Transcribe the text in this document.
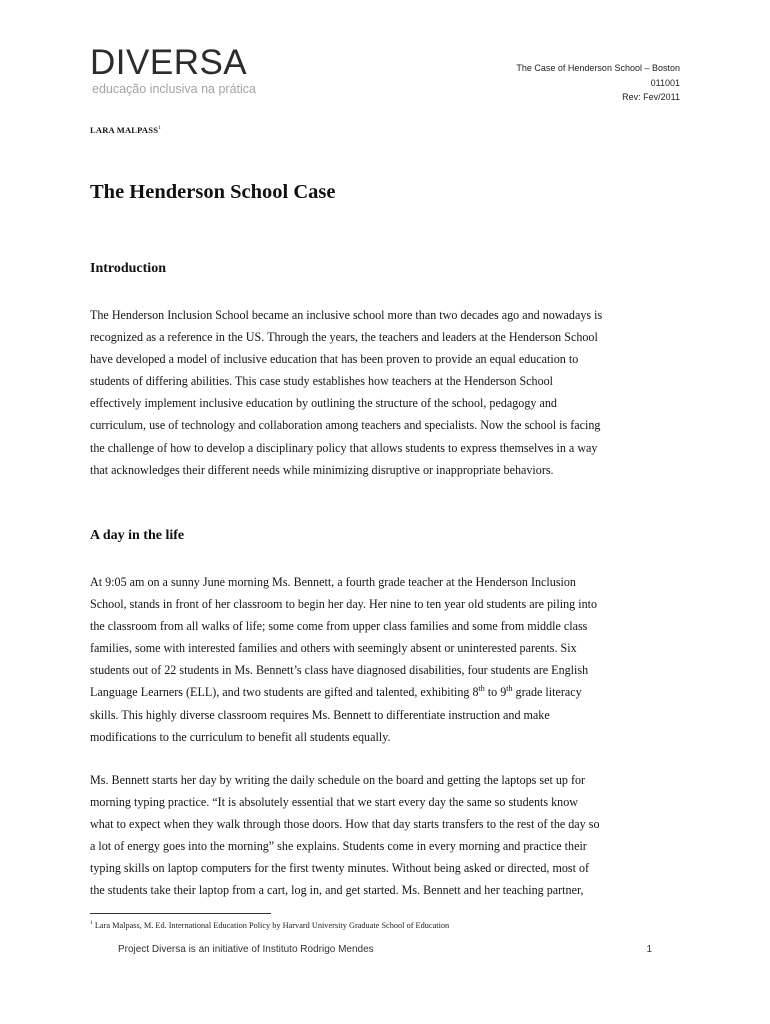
DIVERSA
educação inclusiva na prática
The Case of Henderson School – Boston
011001
Rev: Fev/2011
LARA MALPASS$^1$
The Henderson School Case
Introduction

The Henderson Inclusion School became an inclusive school more than two decades ago and nowadays is
recognized as a reference in the US. Through the years, the teachers and leaders at the Henderson School
have developed a model of inclusive education that has been proven to provide an equal education to
students of differing abilities. This case study establishes how teachers at the Henderson School
effectively implement inclusive education by outlining the structure of the school, pedagogy and
curriculum, use of technology and collaboration among teachers and specialists. Now the school is facing
the challenge of how to develop a disciplinary policy that allows students to express themselves in a way
that acknowledges their different needs while minimizing disruptive or inappropriate behaviors.

A day in the life

At 9:05 am on a sunny June morning Ms. Bennett, a fourth grade teacher at the Henderson Inclusion
School, stands in front of her classroom to begin her day. Her nine to ten year old students are piling into
the classroom from all walks of life; some come from upper class families and some from middle class
families, some with interested families and others with seemingly absent or uninterested parents. Six
students out of 22 students in Ms. Bennett’s class have diagnosed disabilities, four students are English
Language Learners (ELL), and two students are gifted and talented, exhibiting 8th to 9th grade literacy
skills. This highly diverse classroom requires Ms. Bennett to differentiate instruction and make
modifications to the curriculum to benefit all students equally.

Ms. Bennett starts her day by writing the daily schedule on the board and getting the laptops set up for
morning typing practice. “It is absolutely essential that we start every day the same so students know
what to expect when they walk through those doors. How that day starts transfers to the rest of the day so
a lot of energy goes into the morning” she explains. Students come in every morning and practice their
typing skills on laptop computers for the first twenty minutes. Without being asked or directed, most of
the students take their laptop from a cart, log in, and get started. Ms. Bennett and her teaching partner,

$^1$ Lara Malpass, M. Ed. International Education Policy by Harvard University Graduate School of Education
Project Diversa is an initiative of Instituto Rodrigo Mendes	1
